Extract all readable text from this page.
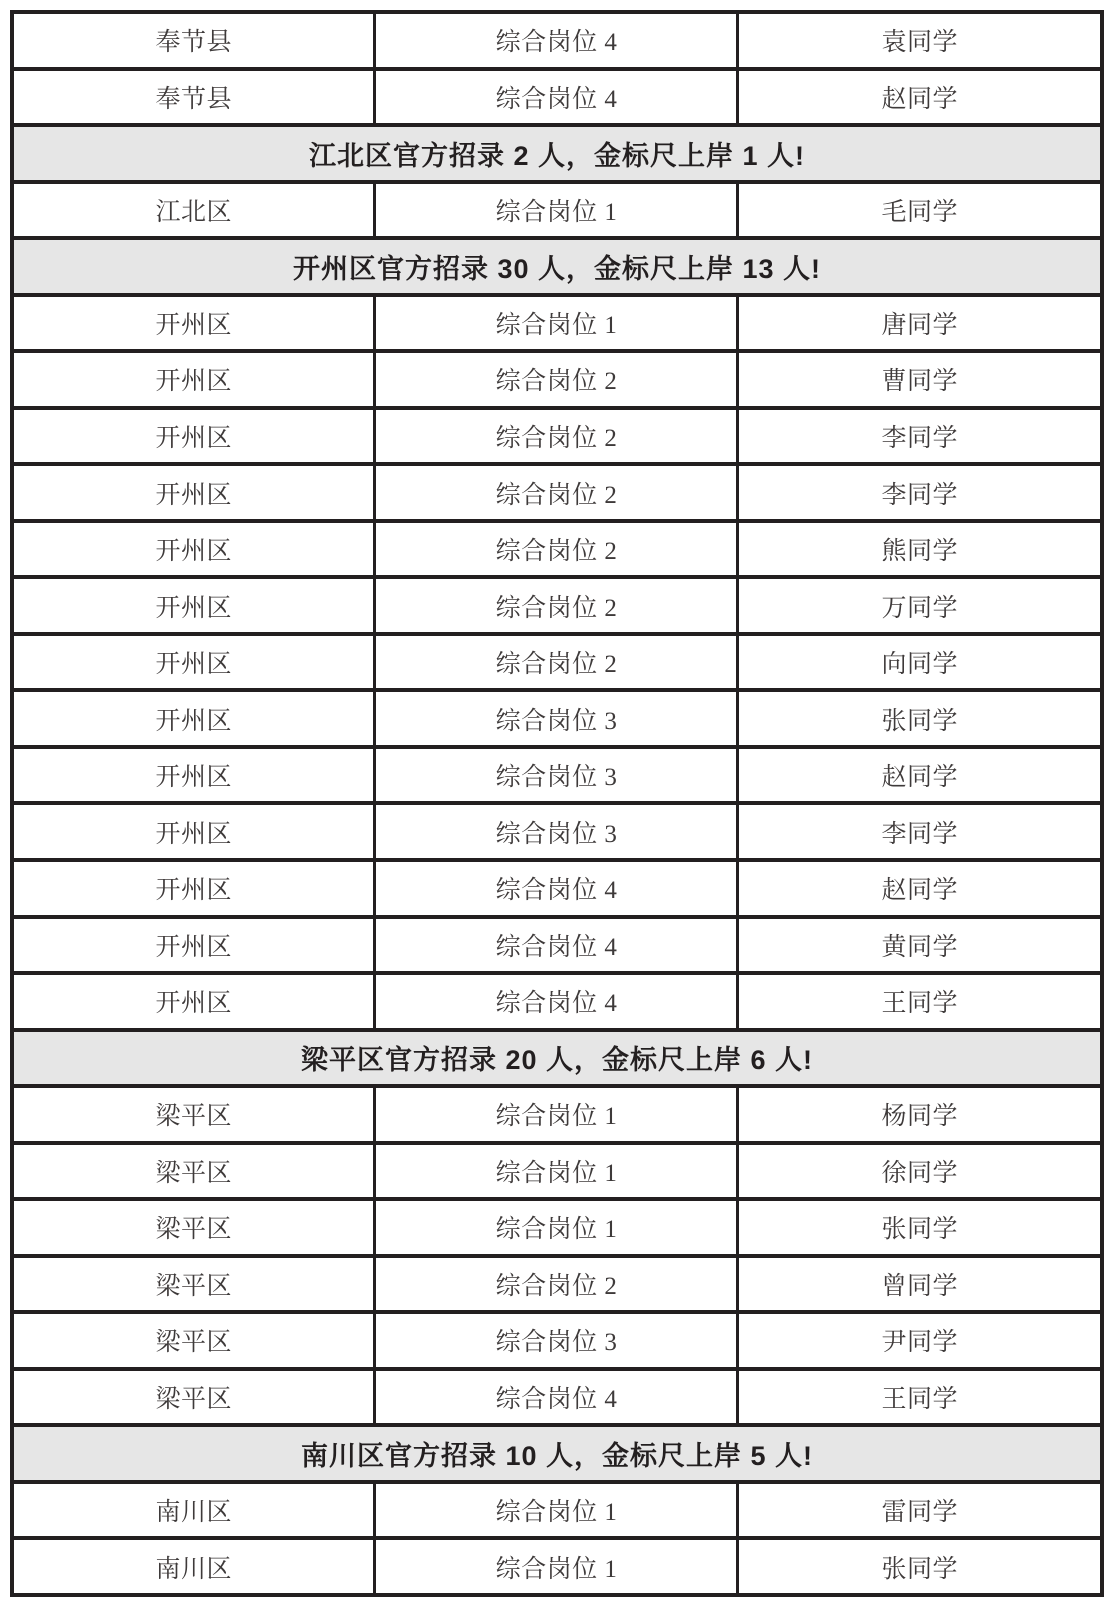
奉节县	综合岗位 4	袁同学
奉节县	综合岗位 4	赵同学
江北区官方招录 2 人，金标尺上岸 1 人!		
江北区	综合岗位 1	毛同学
开州区官方招录 30 人，金标尺上岸 13 人!		
开州区	综合岗位 1	唐同学
开州区	综合岗位 2	曹同学
开州区	综合岗位 2	李同学
开州区	综合岗位 2	李同学
开州区	综合岗位 2	熊同学
开州区	综合岗位 2	万同学
开州区	综合岗位 2	向同学
开州区	综合岗位 3	张同学
开州区	综合岗位 3	赵同学
开州区	综合岗位 3	李同学
开州区	综合岗位 4	赵同学
开州区	综合岗位 4	黄同学
开州区	综合岗位 4	王同学
梁平区官方招录 20 人，金标尺上岸 6 人!		
梁平区	综合岗位 1	杨同学
梁平区	综合岗位 1	徐同学
梁平区	综合岗位 1	张同学
梁平区	综合岗位 2	曾同学
梁平区	综合岗位 3	尹同学
梁平区	综合岗位 4	王同学
南川区官方招录 10 人，金标尺上岸 5 人!		
南川区	综合岗位 1	雷同学
南川区	综合岗位 1	张同学
